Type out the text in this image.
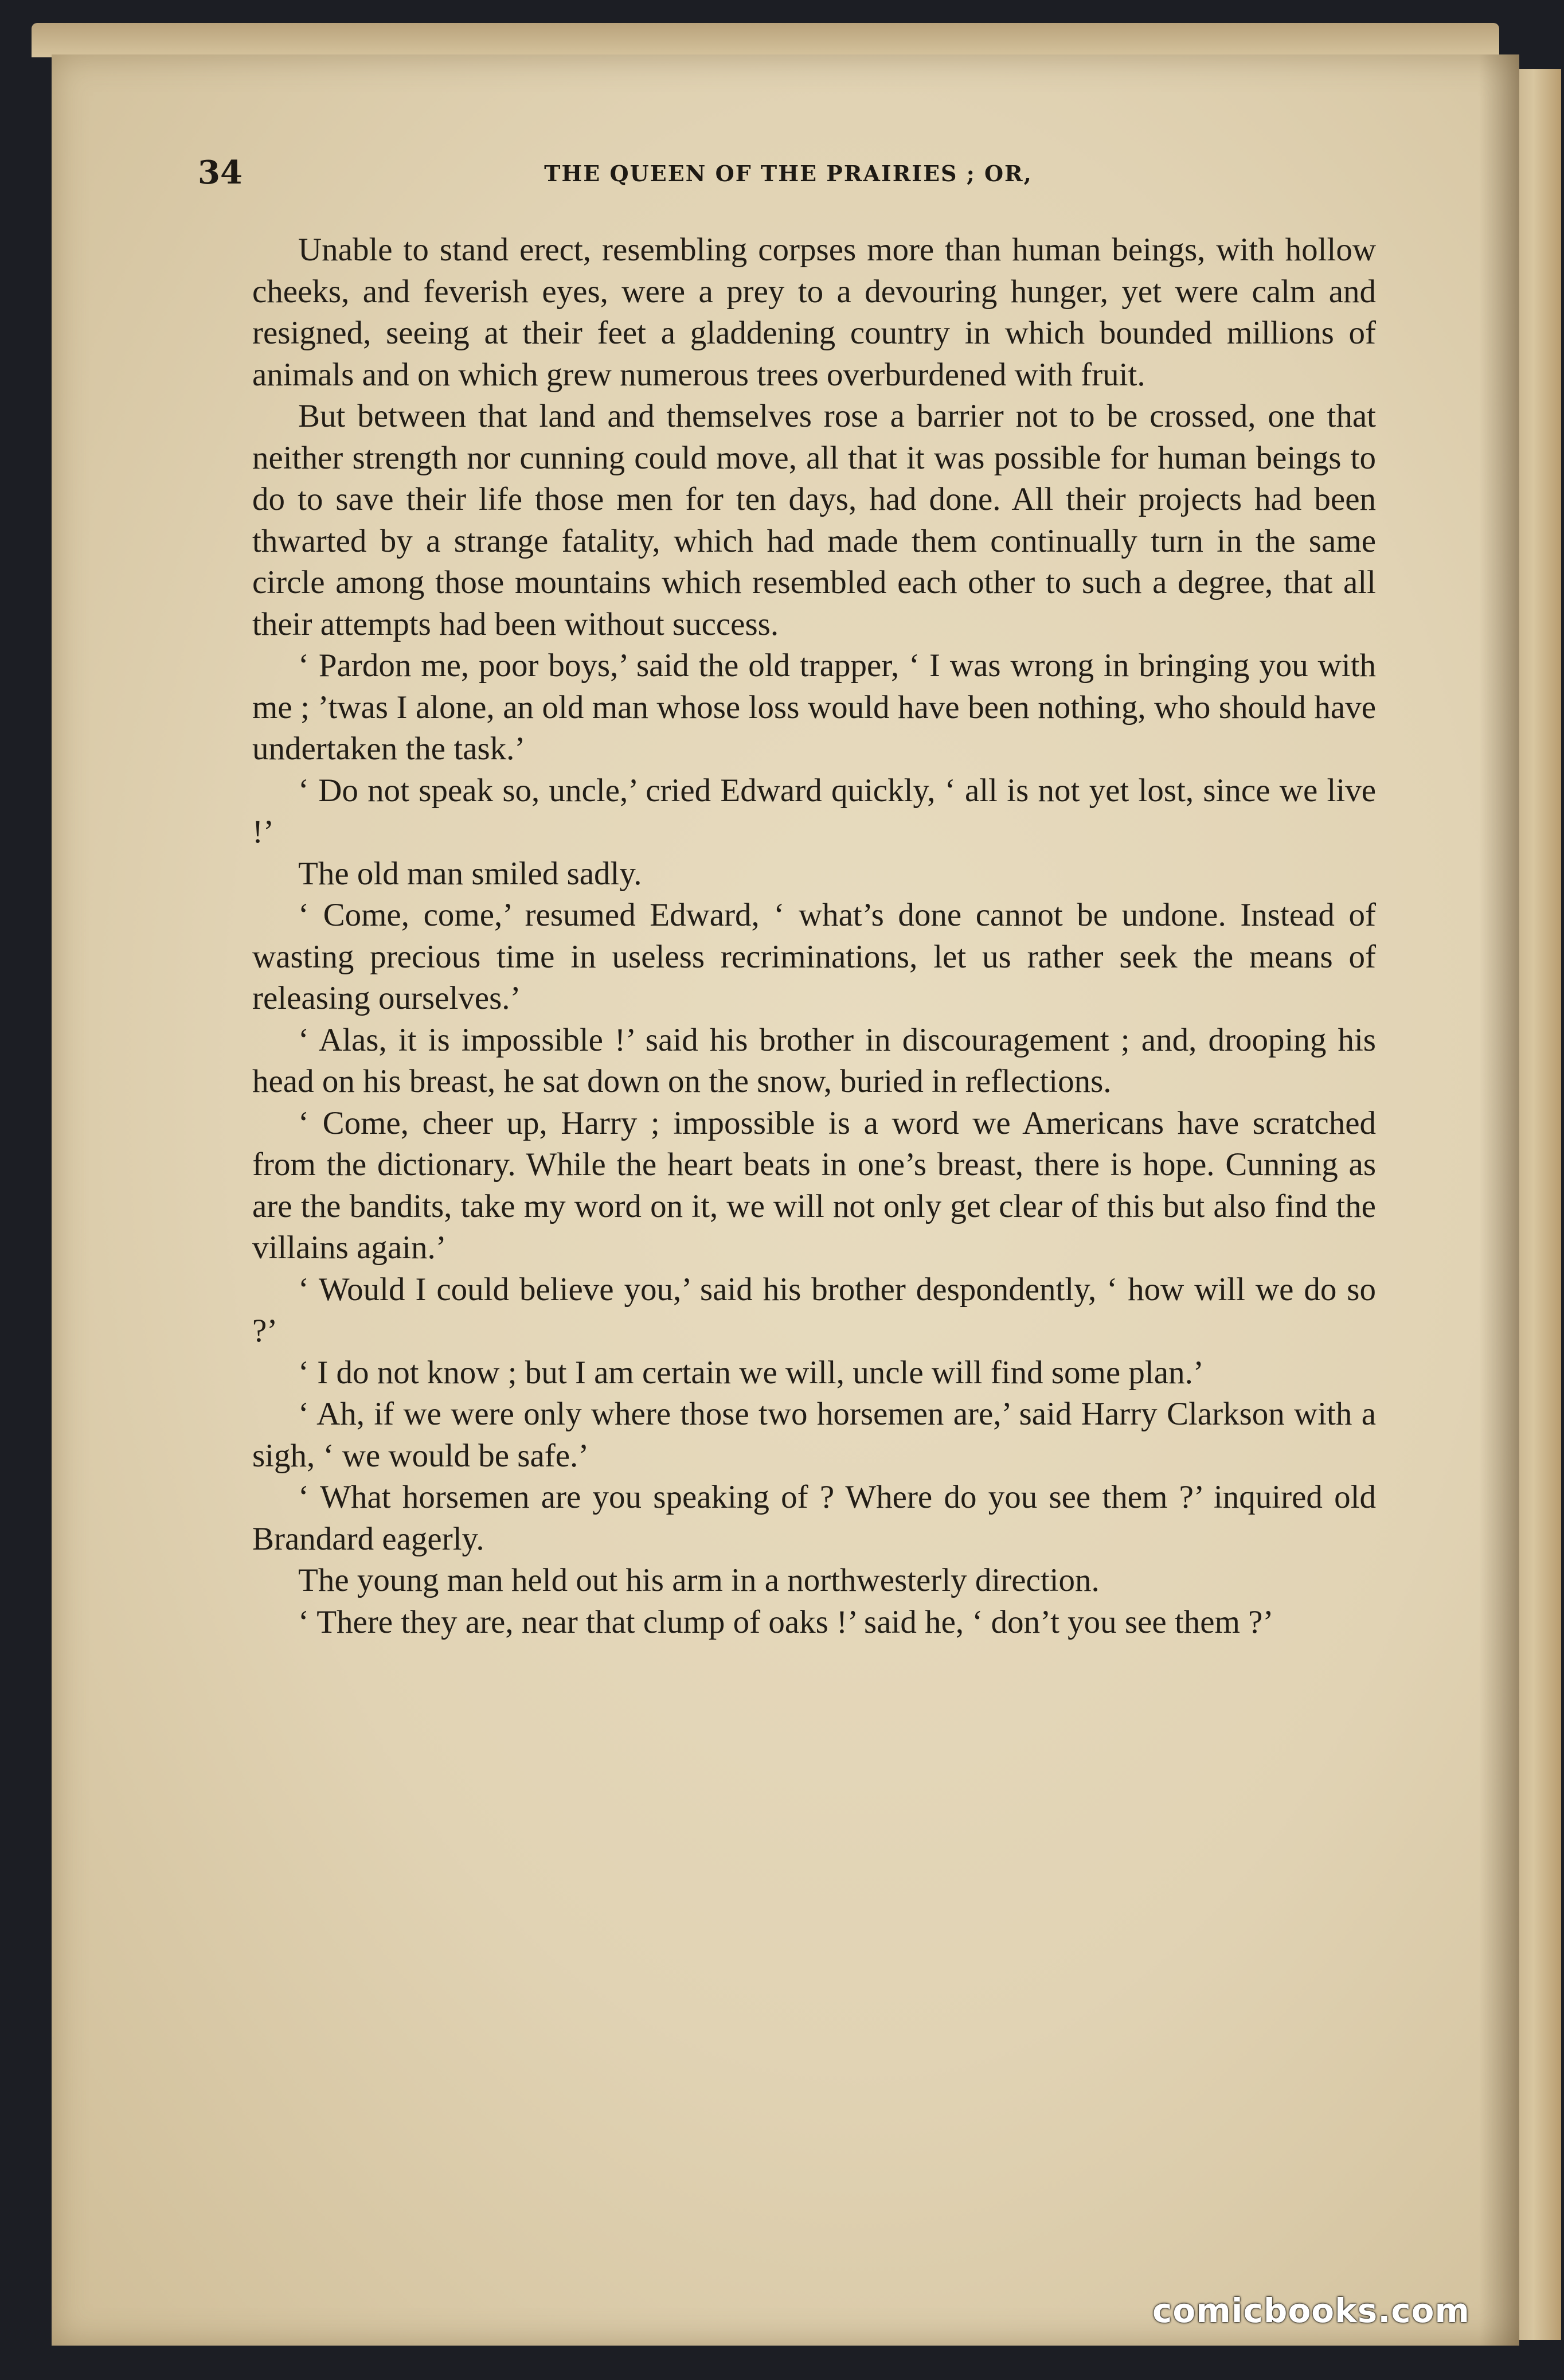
34	THE QUEEN OF THE PRAIRIES ; OR,

Unable to stand erect, resembling corpses more than human beings, with hollow cheeks, and feverish eyes, were a prey to a devouring hunger, yet were calm and resigned, seeing at their feet a gladdening country in which bounded millions of animals and on which grew numerous trees overburdened with fruit.

But between that land and themselves rose a barrier not to be crossed, one that neither strength nor cunning could move, all that it was possible for human beings to do to save their life those men for ten days, had done. All their projects had been thwarted by a strange fatality, which had made them continually turn in the same circle among those mountains which resembled each other to such a degree, that all their attempts had been without success.

‘ Pardon me, poor boys,’ said the old trapper, ‘ I was wrong in bringing you with me ; ’twas I alone, an old man whose loss would have been nothing, who should have undertaken the task.’

‘ Do not speak so, uncle,’ cried Edward quickly, ‘ all is not yet lost, since we live !’

The old man smiled sadly.

‘ Come, come,’ resumed Edward, ‘ what’s done cannot be undone. Instead of wasting precious time in useless recriminations, let us rather seek the means of releasing ourselves.’

‘ Alas, it is impossible !’ said his brother in discouragement ; and, drooping his head on his breast, he sat down on the snow, buried in reflections.

‘ Come, cheer up, Harry ; impossible is a word we Americans have scratched from the dictionary. While the heart beats in one’s breast, there is hope. Cunning as are the bandits, take my word on it, we will not only get clear of this but also find the villains again.’

‘ Would I could believe you,’ said his brother despondently, ‘ how will we do so ?’

‘ I do not know ; but I am certain we will, uncle will find some plan.’

‘ Ah, if we were only where those two horsemen are,’ said Harry Clarkson with a sigh, ‘ we would be safe.’

‘ What horsemen are you speaking of ? Where do you see them ?’ inquired old Brandard eagerly.

The young man held out his arm in a northwesterly direction.

‘ There they are, near that clump of oaks !’ said he, ‘ don’t you see them ?’

comicbooks.com
